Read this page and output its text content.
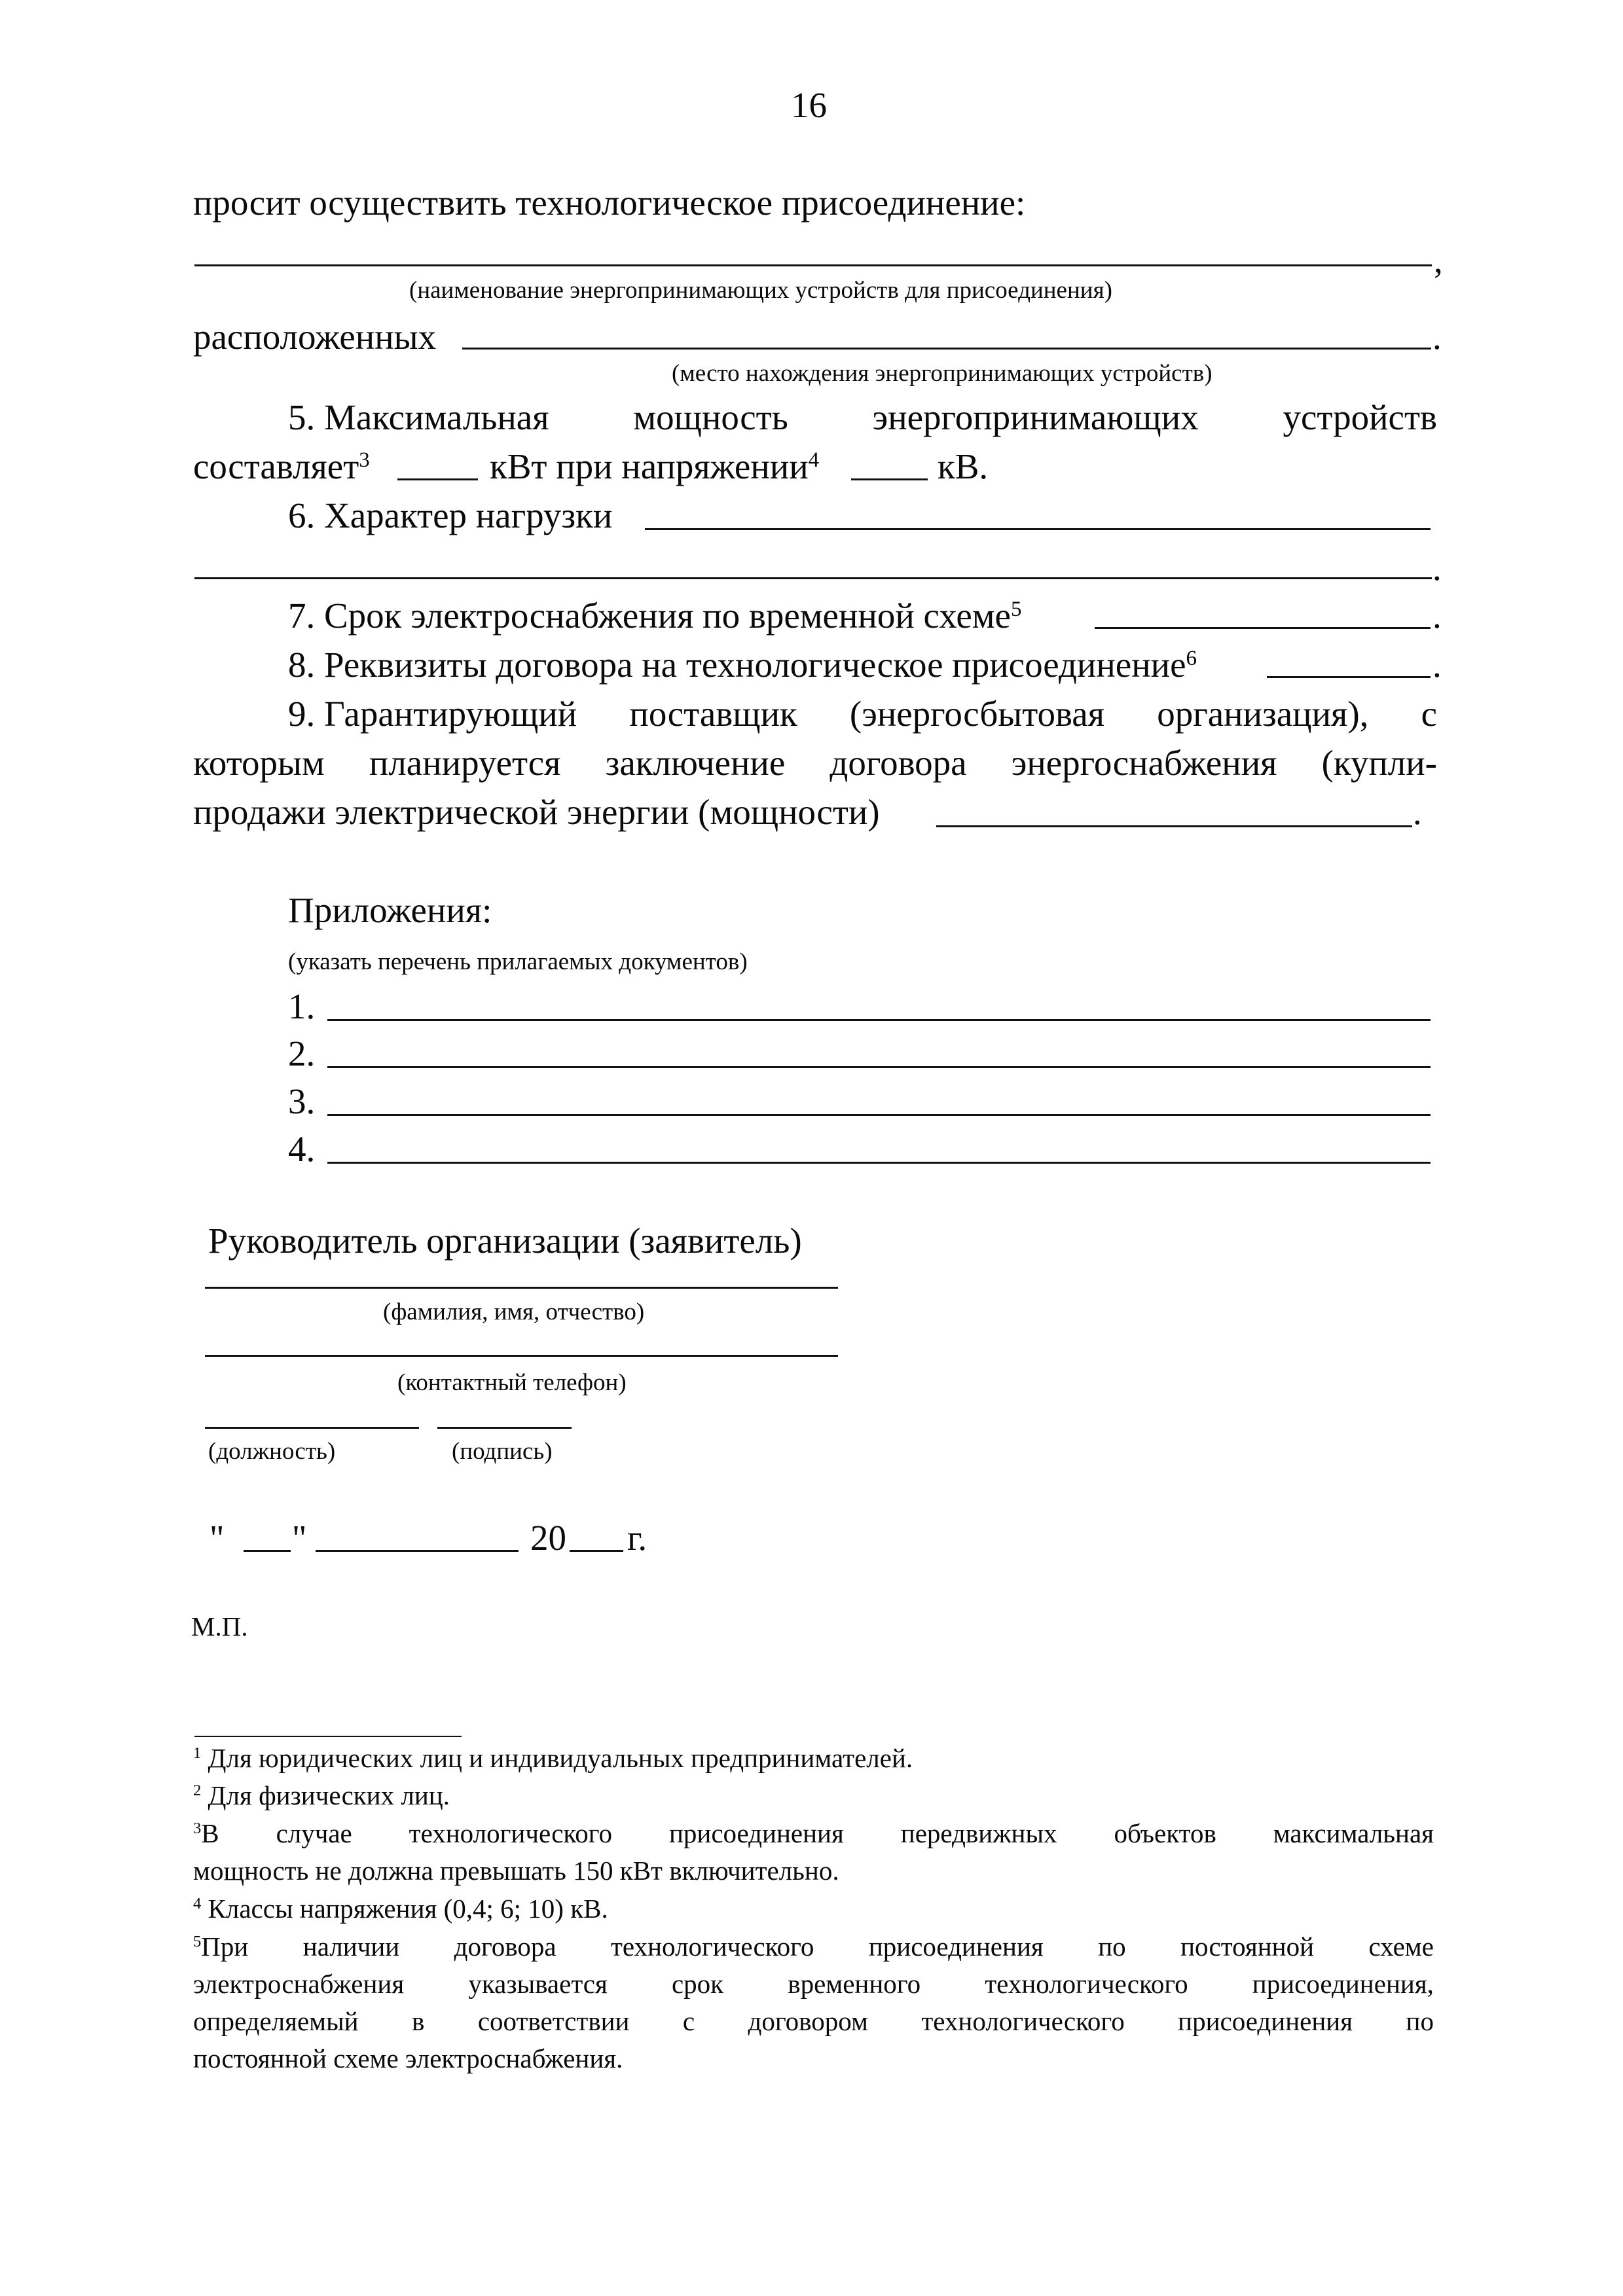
16
просит осуществить технологическое присоединение:
,
(наименование энергопринимающих устройств для присоединения)
расположенных	.
(место нахождения энергопринимающих устройств)
5. Максимальная мощность энергопринимающих устройств
составляет$^3$	кВт при напряжении$^4$	кВ.
6. Характер нагрузки
.
7. Срок электроснабжения по временной схеме$^5$	.
8. Реквизиты договора на технологическое присоединение$^6$	.
9. Гарантирующий поставщик (энергосбытовая организация), с
которым планируется заключение договора энергоснабжения (купли-
продажи электрической энергии (мощности)	.
Приложения:
(указать перечень прилагаемых документов)
1.
2.
3.
4.
Руководитель организации (заявитель)
(фамилия, имя, отчество)
(контактный телефон)
(должность)	(подпись)
" "	20 г.
М.П.
$^1$ Для юридических лиц и индивидуальных предпринимателей.
$^2$ Для физических лиц.
$^3$В случае технологического присоединения передвижных объектов максимальная
мощность не должна превышать 150 кВт включительно.
$^4$ Классы напряжения (0,4; 6; 10) кВ.
$^5$При наличии договора технологического присоединения по постоянной схеме
электроснабжения указывается срок временного технологического присоединения,
определяемый в соответствии с договором технологического присоединения по
постоянной схеме электроснабжения.
